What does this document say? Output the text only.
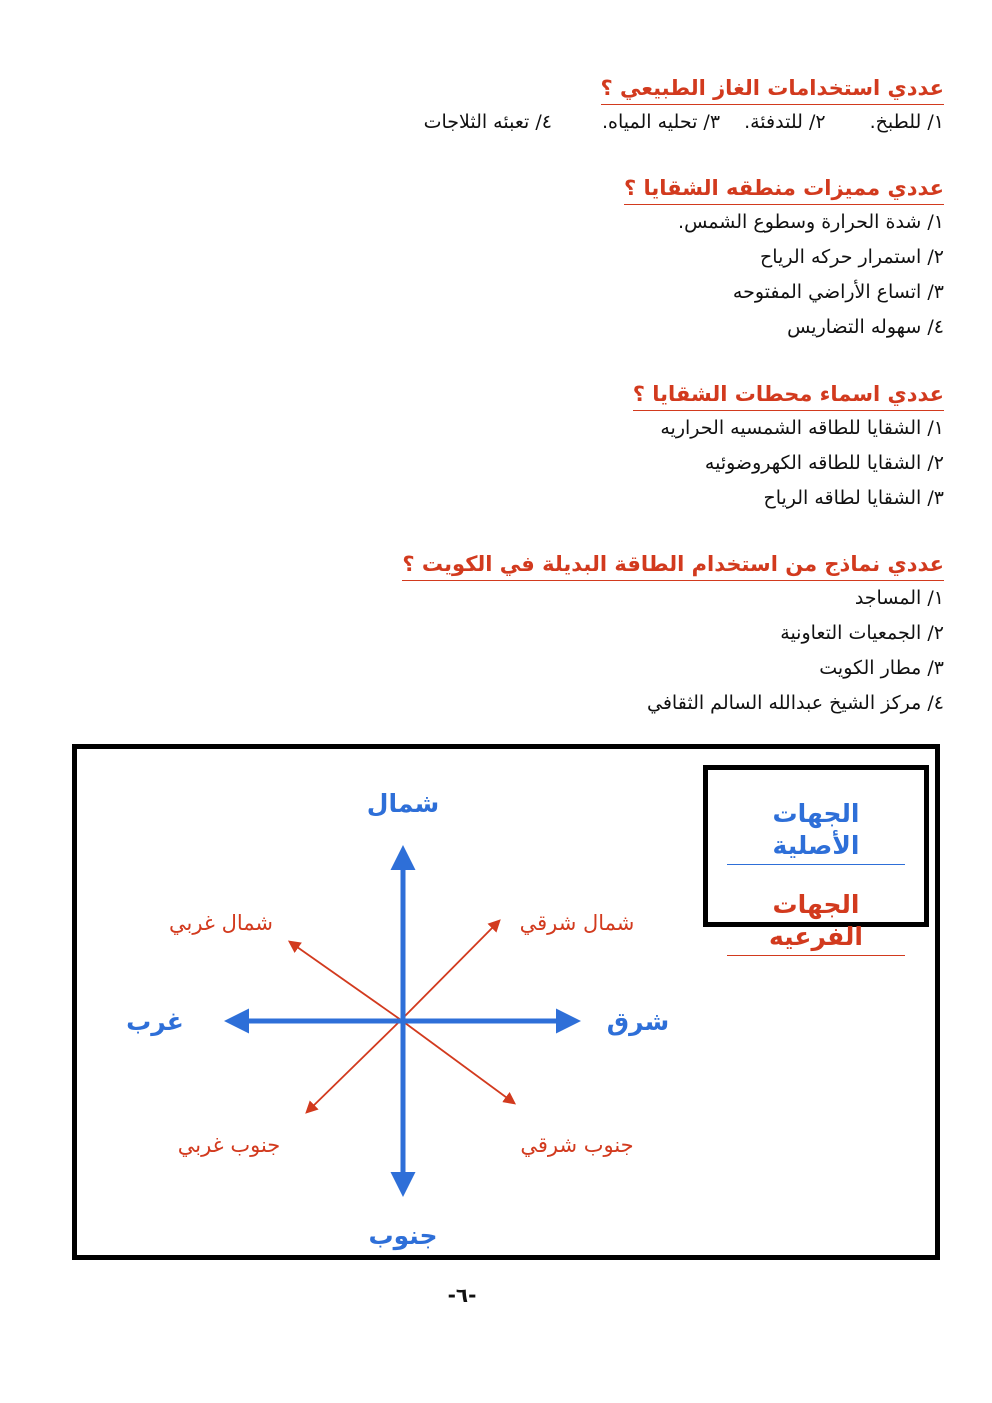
عددي استخدامات الغاز الطبيعي ؟
١/ للطبخ. ٢/ للتدفئة. ٣/ تحليه المياه. ٤/ تعبئه الثلاجات
عددي مميزات منطقه الشقايا ؟
١/ شدة الحرارة وسطوع الشمس.
٢/ استمرار حركه الرياح
٣/ اتساع الأراضي المفتوحه
٤/ سهوله التضاريس
عددي اسماء محطات الشقايا ؟
١/ الشقايا للطاقه الشمسيه الحراريه
٢/ الشقايا للطاقه الكهروضوئيه
٣/ الشقايا لطاقه الرياح
عددي نماذج من استخدام الطاقة البديلة في الكويت ؟
١/ المساجد
٢/ الجمعيات التعاونية
٣/ مطار الكويت
٤/ مركز الشيخ عبدالله السالم الثقافي
شمال
جنوب
شرق
غرب
شمال شرقي
شمال غربي
جنوب شرقي
جنوب غربي
الجهات الأصلية
الجهات الفرعيه
-٦-
